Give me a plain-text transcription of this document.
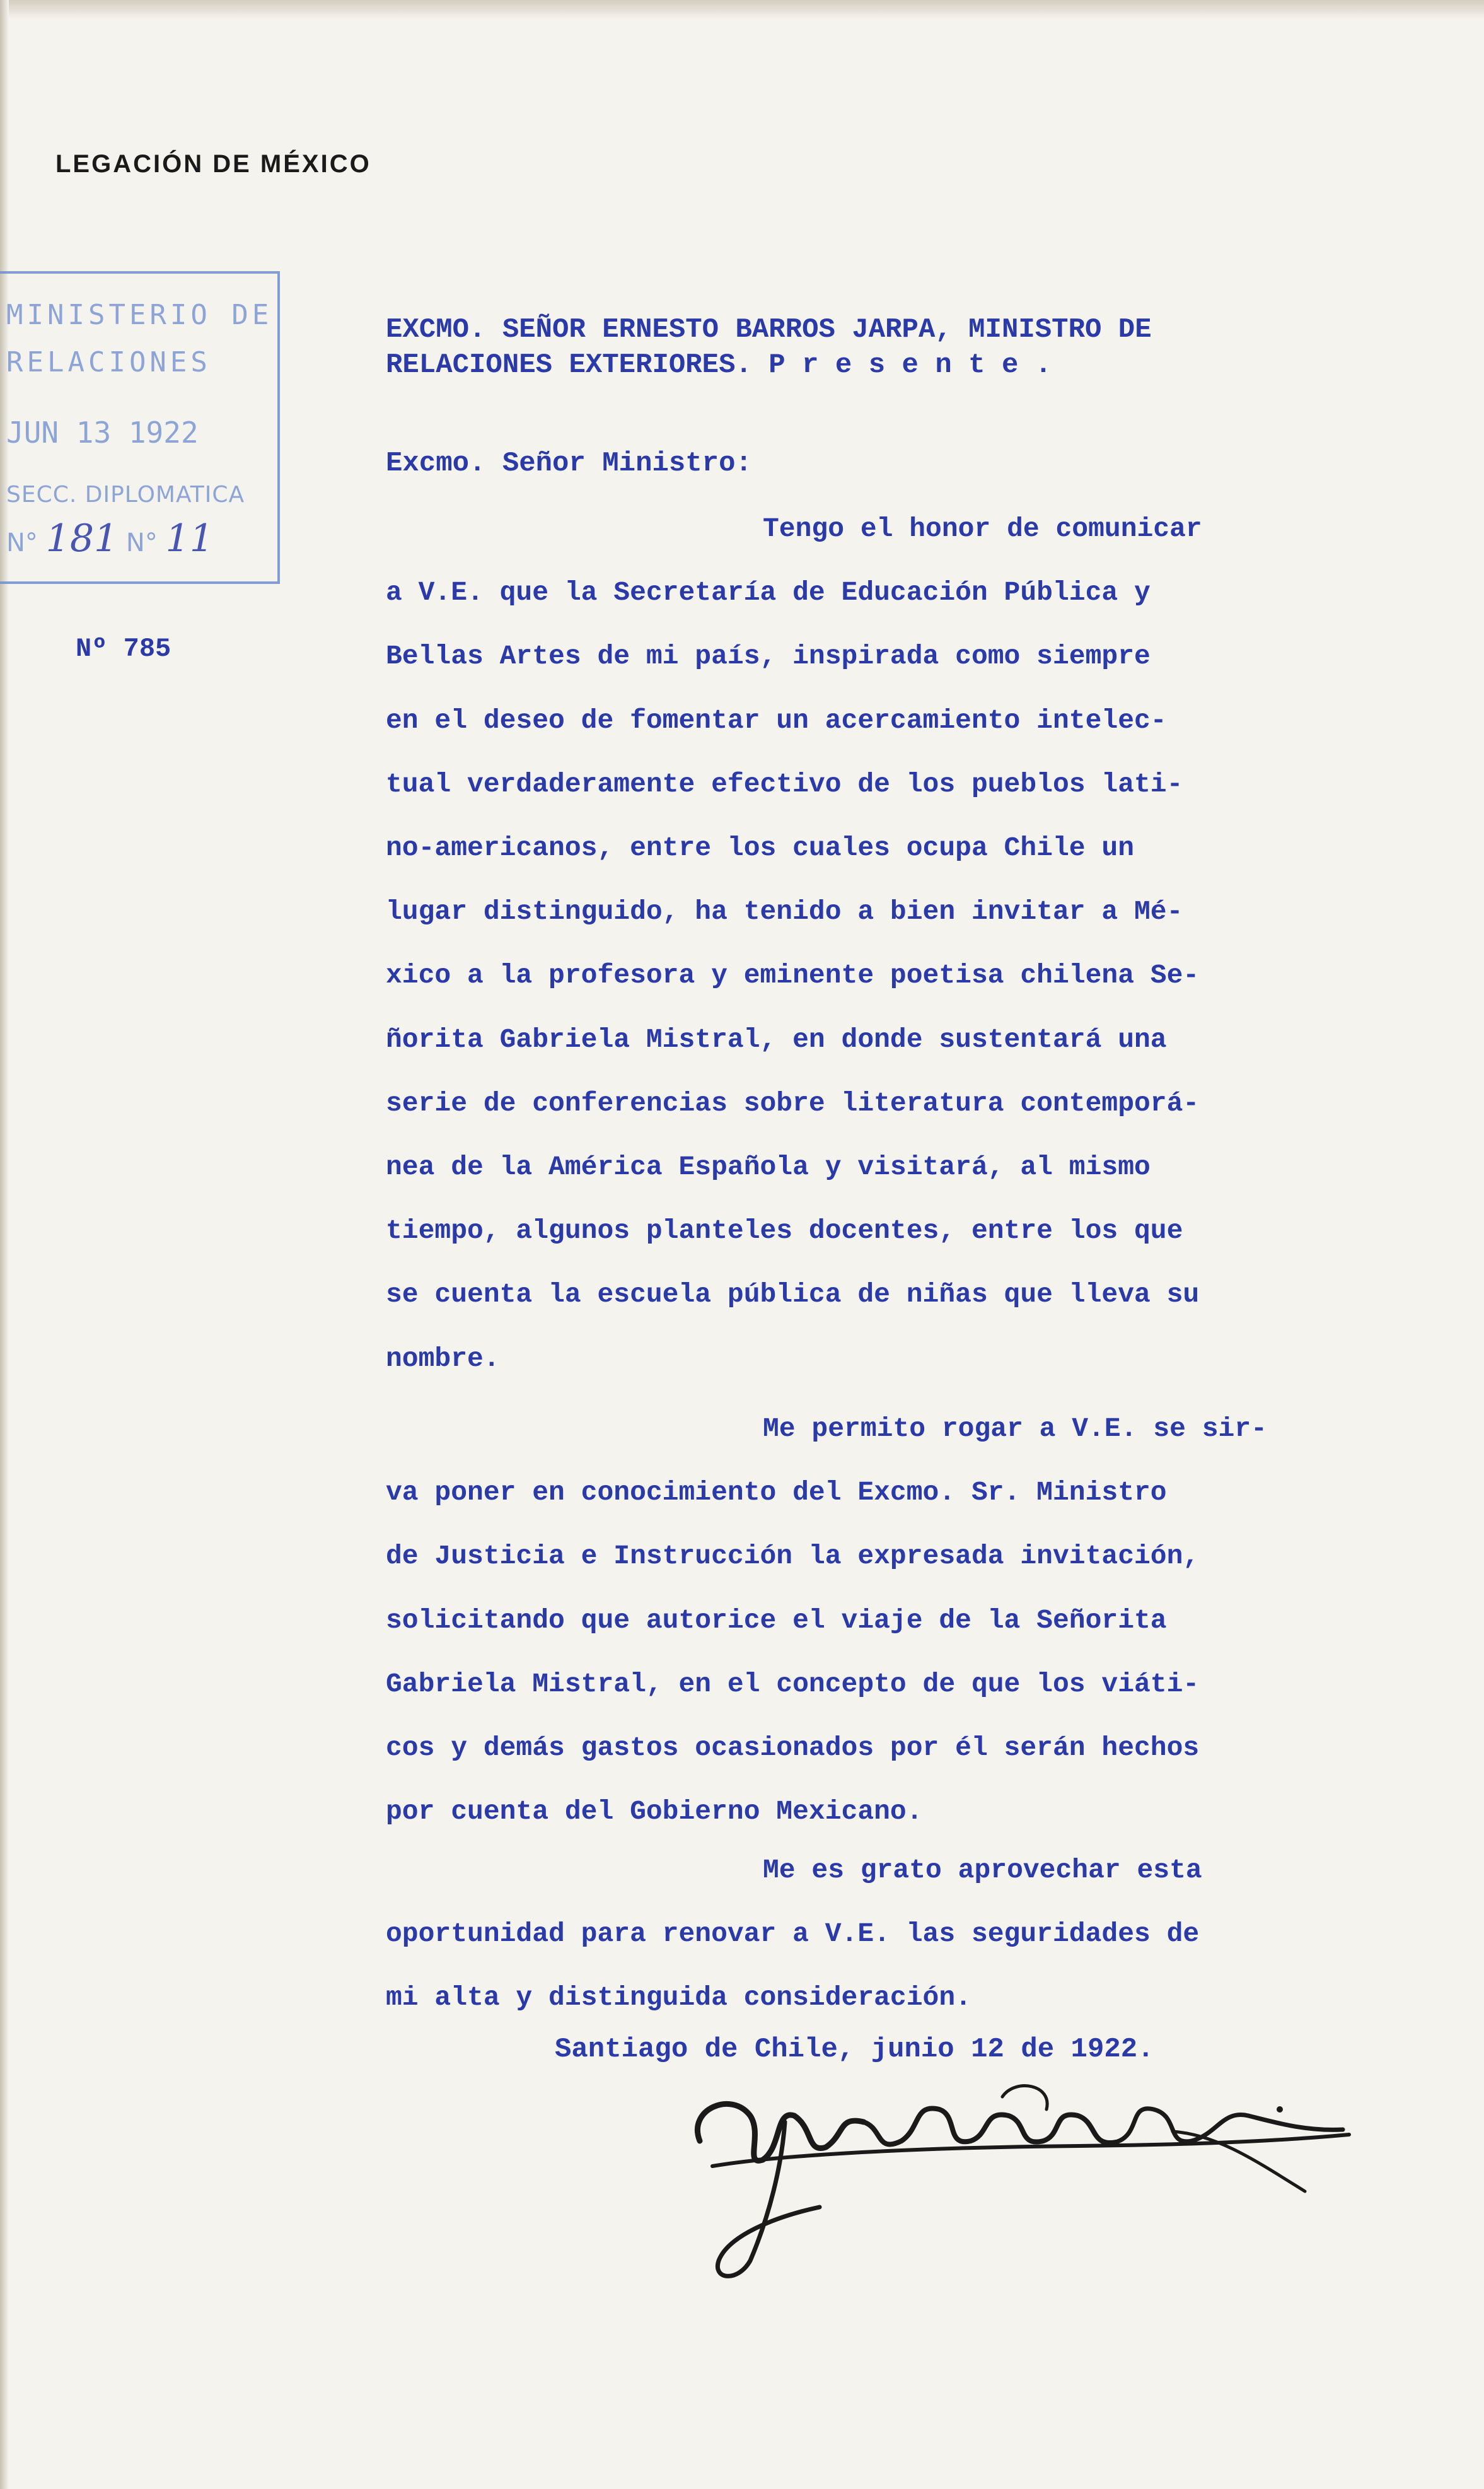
LEGACIÓN DE MÉXICO
MINISTERIO DE
RELACIONES
JUN 13 1922
SECC. DIPLOMATICA
N° 181 N° 11
Nº 785
EXCMO. SEÑOR ERNESTO BARROS JARPA, MINISTRO DE
RELACIONES EXTERIORES. P r e s e n t e .
Excmo. Señor Ministro:
Tengo el honor de comunicar
a V.E. que la Secretaría de Educación Pública y
Bellas Artes de mi país, inspirada como siempre
en el deseo de fomentar un acercamiento intelec-
tual verdaderamente efectivo de los pueblos lati-
no-americanos, entre los cuales ocupa Chile un
lugar distinguido, ha tenido a bien invitar a Mé-
xico a la profesora y eminente poetisa chilena Se-
ñorita Gabriela Mistral, en donde sustentará una
serie de conferencias sobre literatura contemporá-
nea de la América Española y visitará, al mismo
tiempo, algunos planteles docentes, entre los que
se cuenta la escuela pública de niñas que lleva su
nombre.
Me permito rogar a V.E. se sir-
va poner en conocimiento del Excmo. Sr. Ministro
de Justicia e Instrucción la expresada invitación,
solicitando que autorice el viaje de la Señorita
Gabriela Mistral, en el concepto de que los viáti-
cos y demás gastos ocasionados por él serán hechos
por cuenta del Gobierno Mexicano.
Me es grato aprovechar esta
oportunidad para renovar a V.E. las seguridades de
mi alta y distinguida consideración.
Santiago de Chile, junio 12 de 1922.
